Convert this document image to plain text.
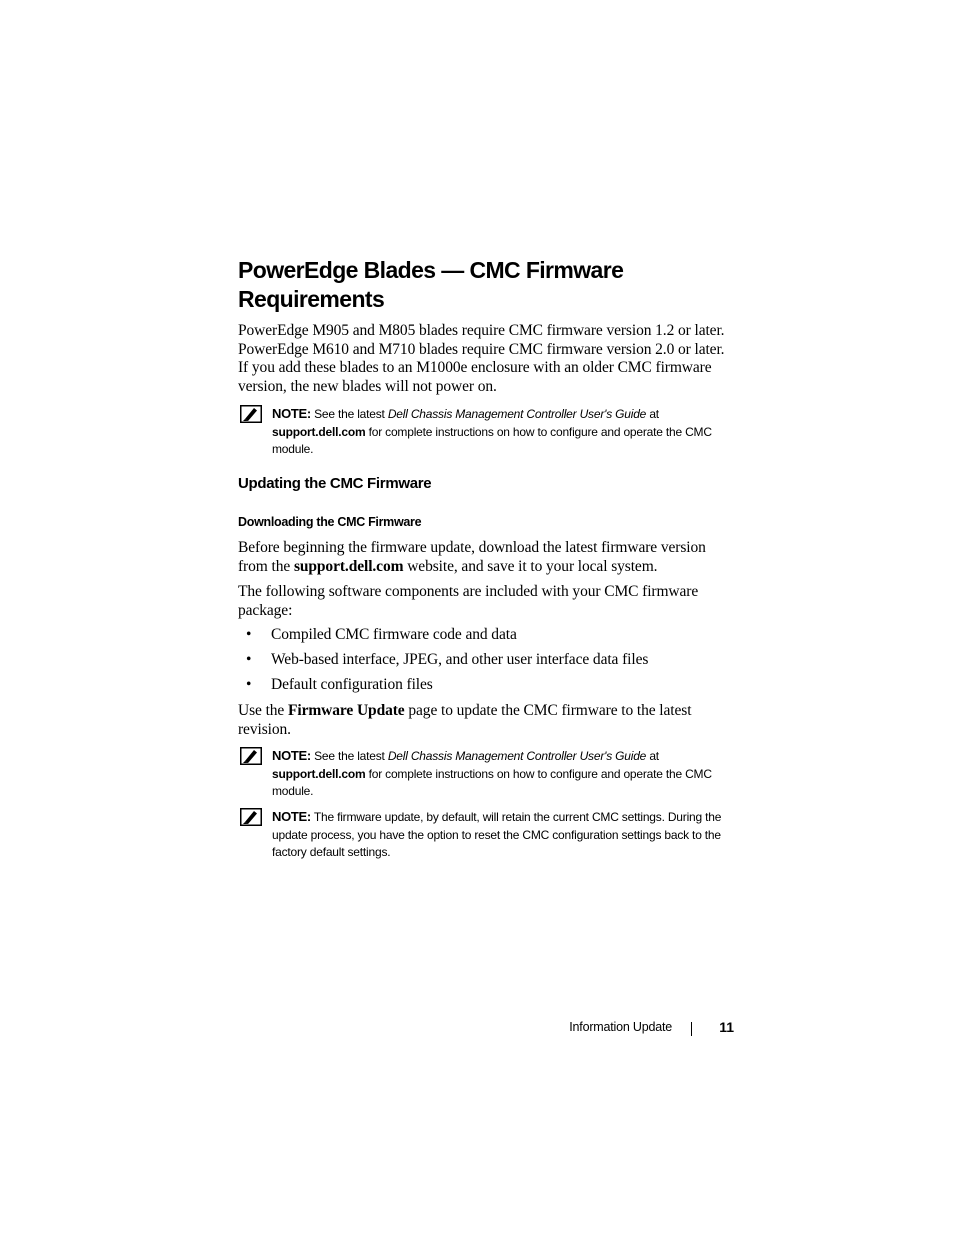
PowerEdge Blades — CMC Firmware
Requirements

PowerEdge M905 and M805 blades require CMC firmware version 1.2 or later. PowerEdge M610 and M710 blades require CMC firmware version 2.0 or later. If you add these blades to an M1000e enclosure with an older CMC firmware version, the new blades will not power on.

NOTE: See the latest Dell Chassis Management Controller User's Guide at
support.dell.com for complete instructions on how to configure and operate the CMC module.

Updating the CMC Firmware
Downloading the CMC Firmware

Before beginning the firmware update, download the latest firmware version from the support.dell.com website, and save it to your local system.

The following software components are included with your CMC firmware package:

• Compiled CMC firmware code and data
• Web-based interface, JPEG, and other user interface data files
• Default configuration files

Use the Firmware Update page to update the CMC firmware to the latest revision.

NOTE: See the latest Dell Chassis Management Controller User's Guide at
support.dell.com for complete instructions on how to configure and operate the CMC module.

NOTE: The firmware update, by default, will retain the current CMC settings. During the update process, you have the option to reset the CMC configuration settings back to the factory default settings.

Information Update	11
